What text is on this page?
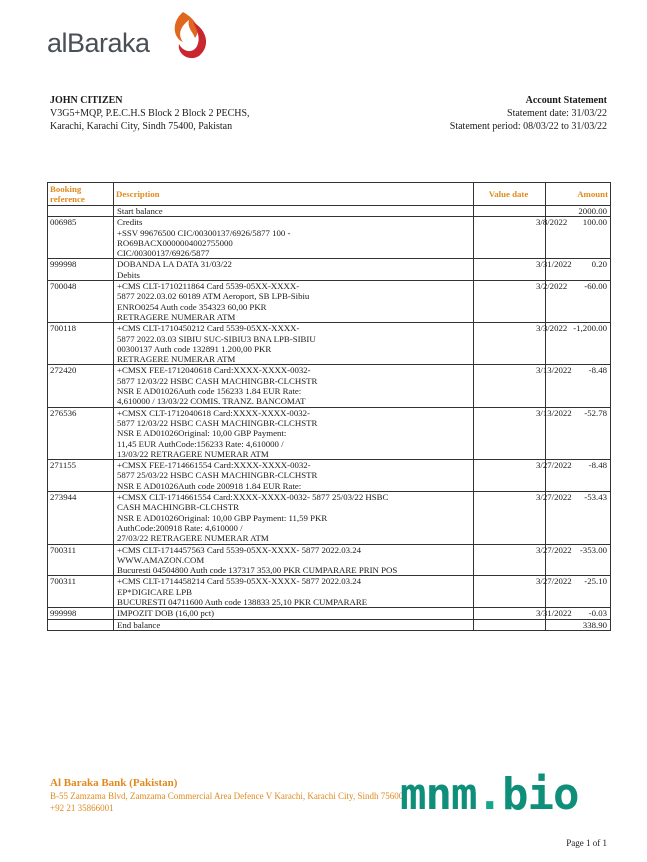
alBaraka
JOHN CITIZEN
V3G5+MQP, P.E.C.H.S Block 2 Block 2 PECHS,
Karachi, Karachi City, Sindh 75400, Pakistan
Account Statement
Statement date: 31/03/22
Statement period: 08/03/22 to 31/03/22
Booking reference	Description	Value date	Amount

	Start balance		2000.00
006985	Credits
+SSV 99676500 CIC/00300137/6926/5877 100 -
RO69BACX0000004002755000
CIC/00300137/6926/5877	3/8/2022	100.00
999998	DOBANDA LA DATA 31/03/22
Debits	3/31/2022	0.20
700048	+CMS CLT-1710211864 Card 5539-05XX-XXXX-
5877 2022.03.02 60189 ATM Aeroport, SB LPB-Sibiu
ENRO0254 Auth code 354323 60,00 PKR
RETRAGERE NUMERAR ATM	3/2/2022	-60.00
700118	+CMS CLT-1710450212 Card 5539-05XX-XXXX-
5877 2022.03.03 SIBIU SUC-SIBIU3 BNA LPB-SIBIU
00300137 Auth code 132891 1.200,00 PKR
RETRAGERE NUMERAR ATM	3/3/2022	-1,200.00
272420	+CMSX FEE-1712040618 Card:XXXX-XXXX-0032-
5877 12/03/22 HSBC CASH MACHINGBR-CLCHSTR
NSR E AD01026Auth code 156233 1.84 EUR Rate:
4,610000 / 13/03/22 COMIS. TRANZ. BANCOMAT	3/13/2022	-8.48
276536	+CMSX CLT-1712040618 Card:XXXX-XXXX-0032-
5877 12/03/22 HSBC CASH MACHINGBR-CLCHSTR
NSR E AD01026Original: 10,00 GBP Payment:
11,45 EUR AuthCode:156233 Rate: 4,610000 /
13/03/22 RETRAGERE NUMERAR ATM	3/13/2022	-52.78
271155	+CMSX FEE-1714661554 Card:XXXX-XXXX-0032-
5877 25/03/22 HSBC CASH MACHINGBR-CLCHSTR
NSR E AD01026Auth code 200918 1.84 EUR Rate:	3/27/2022	-8.48
273944	+CMSX CLT-1714661554 Card:XXXX-XXXX-0032- 5877 25/03/22 HSBC
CASH MACHINGBR-CLCHSTR
NSR E AD01026Original: 10,00 GBP Payment: 11,59 PKR
AuthCode:200918 Rate: 4,610000 /
27/03/22 RETRAGERE NUMERAR ATM	3/27/2022	-53.43
700311	+CMS CLT-1714457563 Card 5539-05XX-XXXX- 5877 2022.03.24
WWW.AMAZON.COM
Bucuresti 04504800 Auth code 137317 353,00 PKR CUMPARARE PRIN POS	3/27/2022	-353.00
700311	+CMS CLT-1714458214 Card 5539-05XX-XXXX- 5877 2022.03.24
EP*DIGICARE LPB
BUCURESTI 04711600 Auth code 138833 25,10 PKR CUMPARARE	3/27/2022	-25.10
999998	IMPOZIT DOB (16,00 pct)	3/31/2022	-0.03

	End balance		338.90
Al Baraka Bank (Pakistan)
B-55 Zamzama Blvd, Zamzama Commercial Area Defence V Karachi, Karachi City, Sindh 75600
+92 21 35866001	mnm.bio
Page 1 of 1
